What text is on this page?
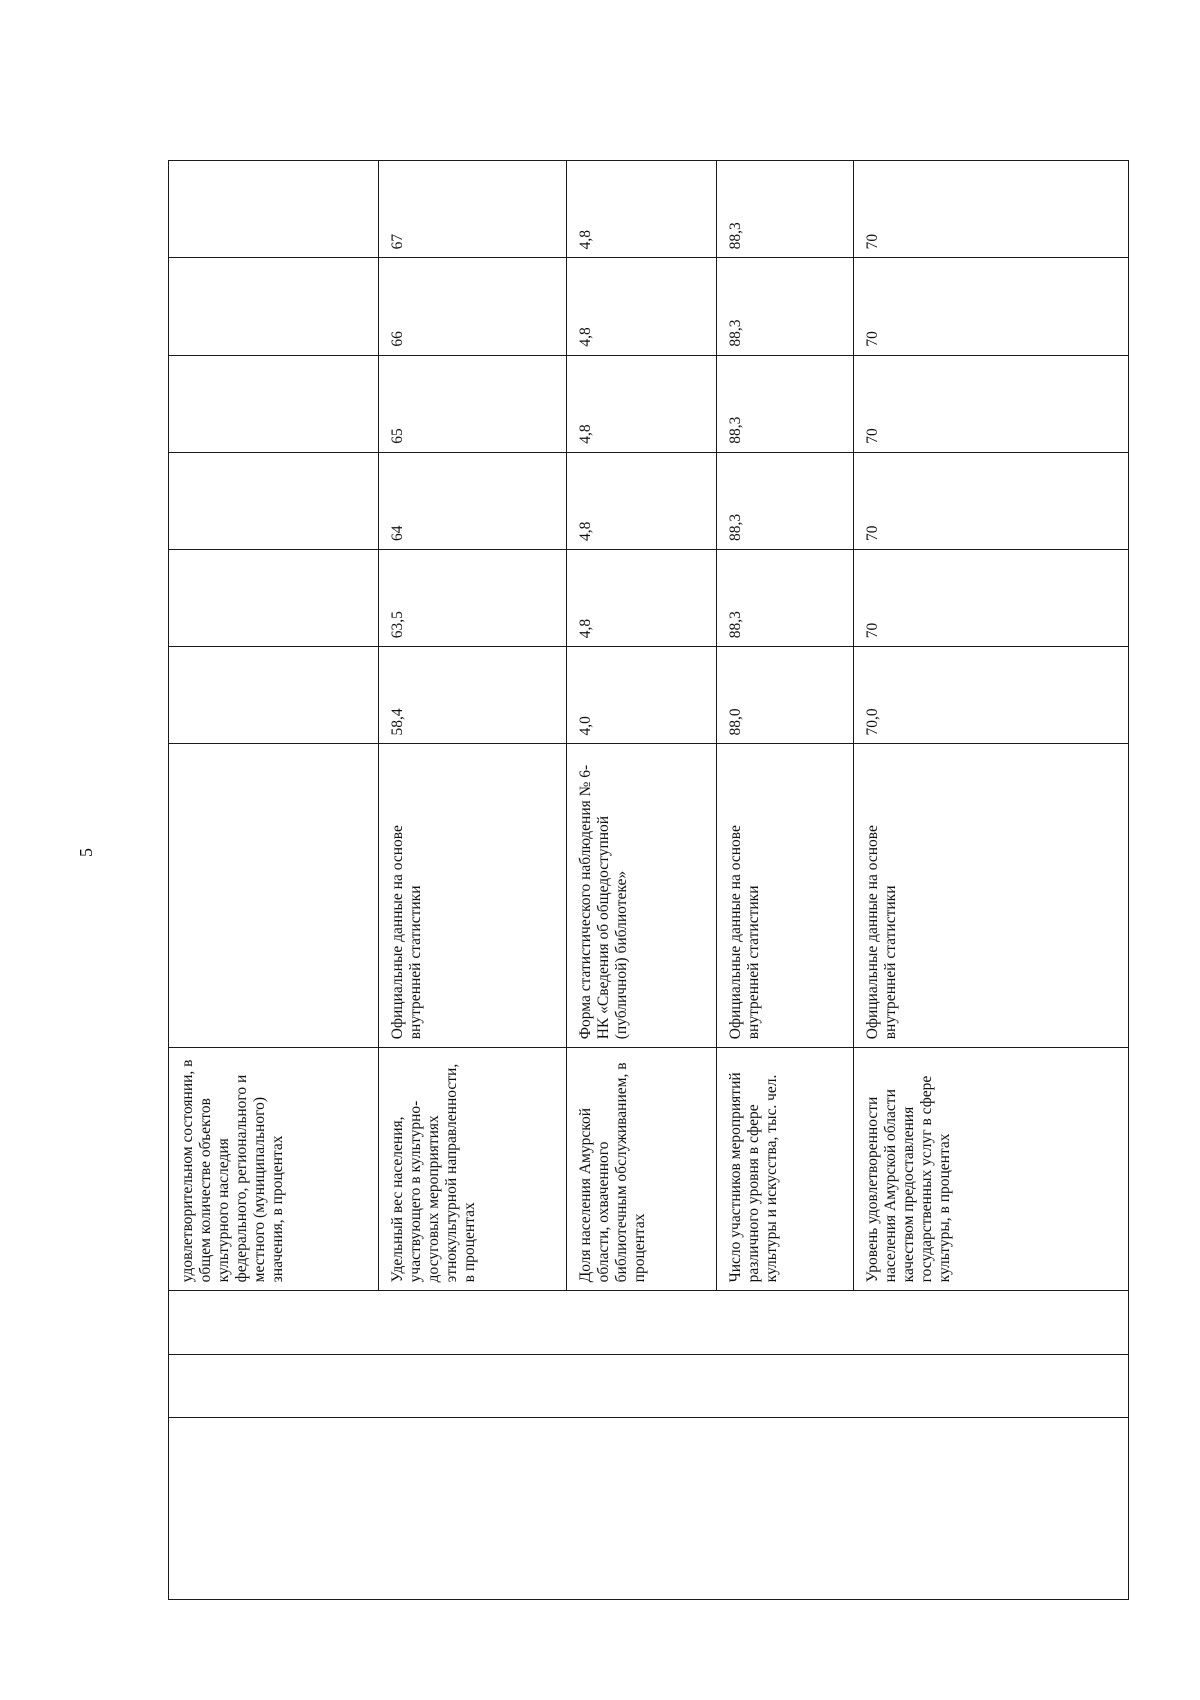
5
			удовлетворительном состоянии, в общем количестве объектов культурного наследия федерального, регионального и местного (муниципального) значения, в процентах							
			Удельный вес населения, участвующего в культурно-досуговых мероприятиях этнокультурной направленности, в процентах	Официальные данные на основе внутренней статистики	58,4	63,5	64	65	66	67
			Доля населения Амурской области, охваченного библиотечным обслуживанием, в процентах	Форма статистического наблюдения № 6-НК «Сведения об общедоступной (публичной) библиотеке»	4,0	4,8	4,8	4,8	4,8	4,8
			Число участников мероприятий различного уровня в сфере культуры и искусства, тыс. чел.	Официальные данные на основе внутренней статистики	88,0	88,3	88,3	88,3	88,3	88,3
			Уровень удовлетворенности населения Амурской области качеством предоставления государственных услуг в сфере культуры, в процентах	Официальные данные на основе внутренней статистики	70,0	70	70	70	70	70
